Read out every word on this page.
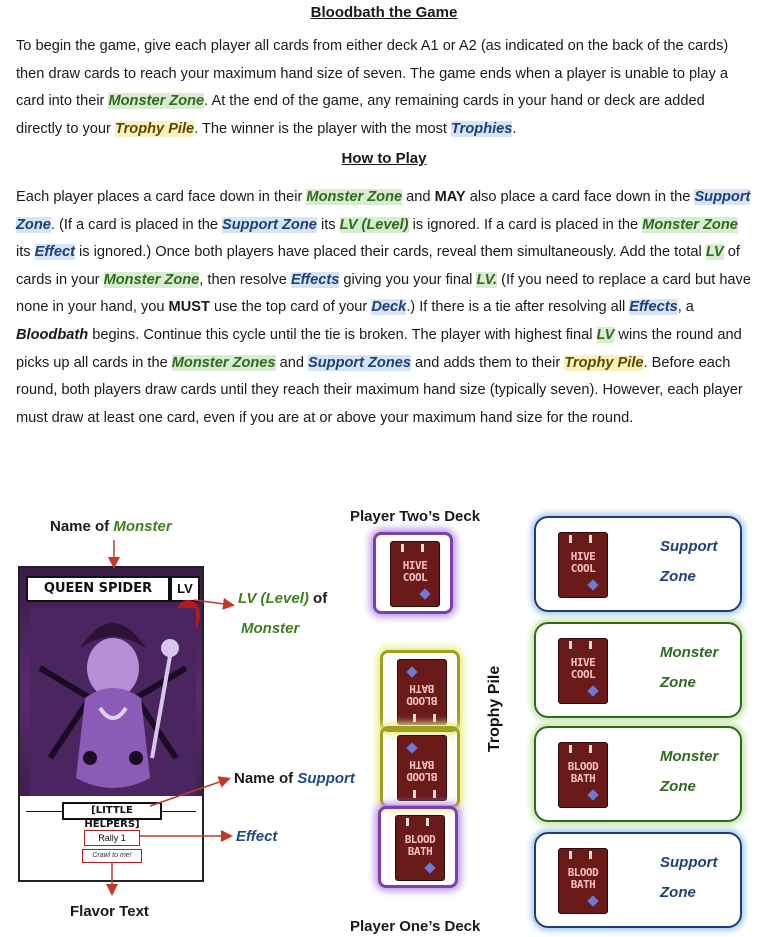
Bloodbath the Game

To begin the game, give each player all cards from either deck A1 or A2 (as indicated on the back of the cards) then draw cards to reach your maximum hand size of seven. The game ends when a player is unable to play a card into their Monster Zone. At the end of the game, any remaining cards in your hand or deck are added directly to your Trophy Pile. The winner is the player with the most Trophies.

How to Play

Each player places a card face down in their Monster Zone and MAY also place a card face down in the Support Zone. (If a card is placed in the Support Zone its LV (Level) is ignored. If a card is placed in the Monster Zone its Effect is ignored.) Once both players have placed their cards, reveal them simultaneously. Add the total LV of cards in your Monster Zone, then resolve Effects giving you your final LV. (If you need to replace a card but have none in your hand, you MUST use the top card of your Deck.) If there is a tie after resolving all Effects, a Bloodbath begins. Continue this cycle until the tie is broken. The player with highest final LV wins the round and picks up all cards in the Monster Zones and Support Zones and adds them to their Trophy Pile. Before each round, both players draw cards until they reach their maximum hand size (typically seven). However, each player must draw at least one card, even if you are at or above your maximum hand size for the round.

Name of Monster
Player Two’s Deck
Player One’s Deck
LV (Level) of
Monster
Name of Support
Effect
Flavor Text
Trophy Pile
QUEEN SPIDER	LV
[LITTLE HELPERS]
Rally 1
Crawl to me!
HIVE
COOL
BLOOD
BATH
BLOOD
BATH
BLOOD
BATH
HIVE
COOL
Support
Zone
HIVE
COOL
Monster
Zone
BLOOD
BATH
Monster
Zone
BLOOD
BATH
Support
Zone
